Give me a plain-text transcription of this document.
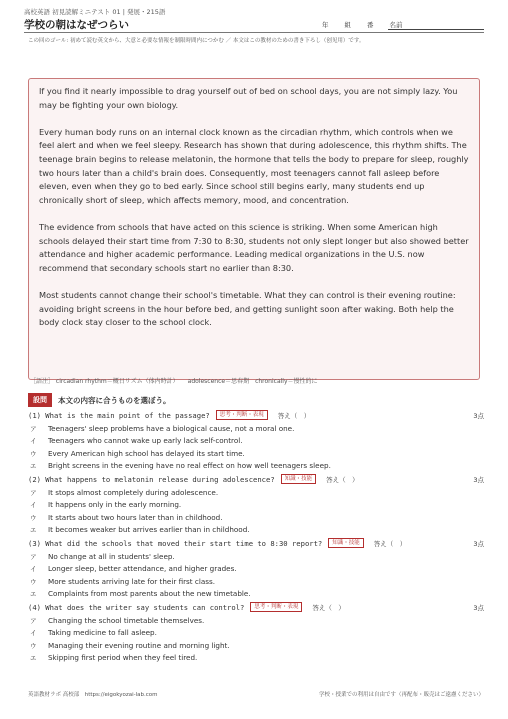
高校英語 初見読解ミニテスト 01 | 発展・215語
学校の朝はなぜつらい	年 組 番 名前
この回のゴール: 初めて読む英文から、大意と必要な情報を制限時間内につかむ ／ 本文はこの教材のための書き下ろし（创见用）です。

If you find it nearly impossible to drag yourself out of bed on school days, you are not simply lazy. You may be fighting your own biology.

Every human body runs on an internal clock known as the circadian rhythm, which controls when we feel alert and when we feel sleepy. Research has shown that during adolescence, this rhythm shifts. The teenage brain begins to release melatonin, the hormone that tells the body to prepare for sleep, roughly two hours later than a child's brain does. Consequently, most teenagers cannot fall asleep before eleven, even when they go to bed early. Since school still begins early, many students end up chronically short of sleep, which affects memory, mood, and concentration.

The evidence from schools that have acted on this science is striking. When some American high schools delayed their start time from 7:30 to 8:30, students not only slept longer but also showed better attendance and higher academic performance. Leading medical organizations in the U.S. now recommend that secondary schools start no earlier than 8:30.

Most students cannot change their school's timetable. What they can control is their evening routine: avoiding bright screens in the hour before bed, and getting sunlight soon after waking. Both help the body clock stay closer to the school clock.

［語注］ circadian rhythm＝概日リズム（体内時計）　　adolescence＝思春期　chronically＝慢性的に
設問	本文の内容に合うものを選ぼう。
(1) What is the main point of the passage?	思考・判断・表現	答え（　）	3点
ア	Teenagers' sleep problems have a biological cause, not a moral one.
イ	Teenagers who cannot wake up early lack self-control.
ウ	Every American high school has delayed its start time.
エ	Bright screens in the evening have no real effect on how well teenagers sleep.
(2) What happens to melatonin release during adolescence?	知識・技能	答え（　）	3点
ア	It stops almost completely during adolescence.
イ	It happens only in the early morning.
ウ	It starts about two hours later than in childhood.
エ	It becomes weaker but arrives earlier than in childhood.
(3) What did the schools that moved their start time to 8:30 report?	知識・技能	答え（　）	3点
ア	No change at all in students' sleep.
イ	Longer sleep, better attendance, and higher grades.
ウ	More students arriving late for their first class.
エ	Complaints from most parents about the new timetable.
(4) What does the writer say students can control?	思考・判断・表現	答え（　）	3点
ア	Changing the school timetable themselves.
イ	Taking medicine to fall asleep.
ウ	Managing their evening routine and morning light.
エ	Skipping first period when they feel tired.
英語教材ラボ 高校部　https://eigokyozai-lab.com	学校・授業での利用は自由です（再配布・販売はご遠慮ください）
